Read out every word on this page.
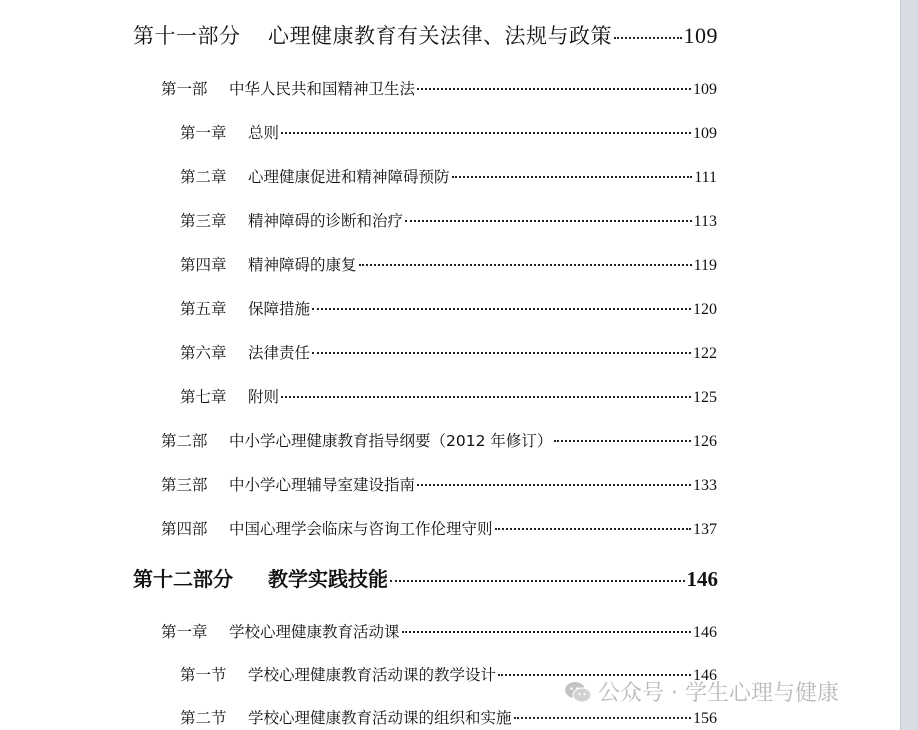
第十一部分	心理健康教育有关法律、法规与政策	109
第一部	中华人民共和国精神卫生法	109
第一章	总则	109
第二章	心理健康促进和精神障碍预防	111
第三章	精神障碍的诊断和治疗	113
第四章	精神障碍的康复	119
第五章	保障措施	120
第六章	法律责任	122
第七章	附则	125
第二部	中小学心理健康教育指导纲要（2012 年修订）	126
第三部	中小学心理辅导室建设指南	133
第四部	中国心理学会临床与咨询工作伦理守则	137
第十二部分	教学实践技能	146
第一章	学校心理健康教育活动课	146
第一节	学校心理健康教育活动课的教学设计	146
第二节	学校心理健康教育活动课的组织和实施	156
公众号 · 学生心理与健康
